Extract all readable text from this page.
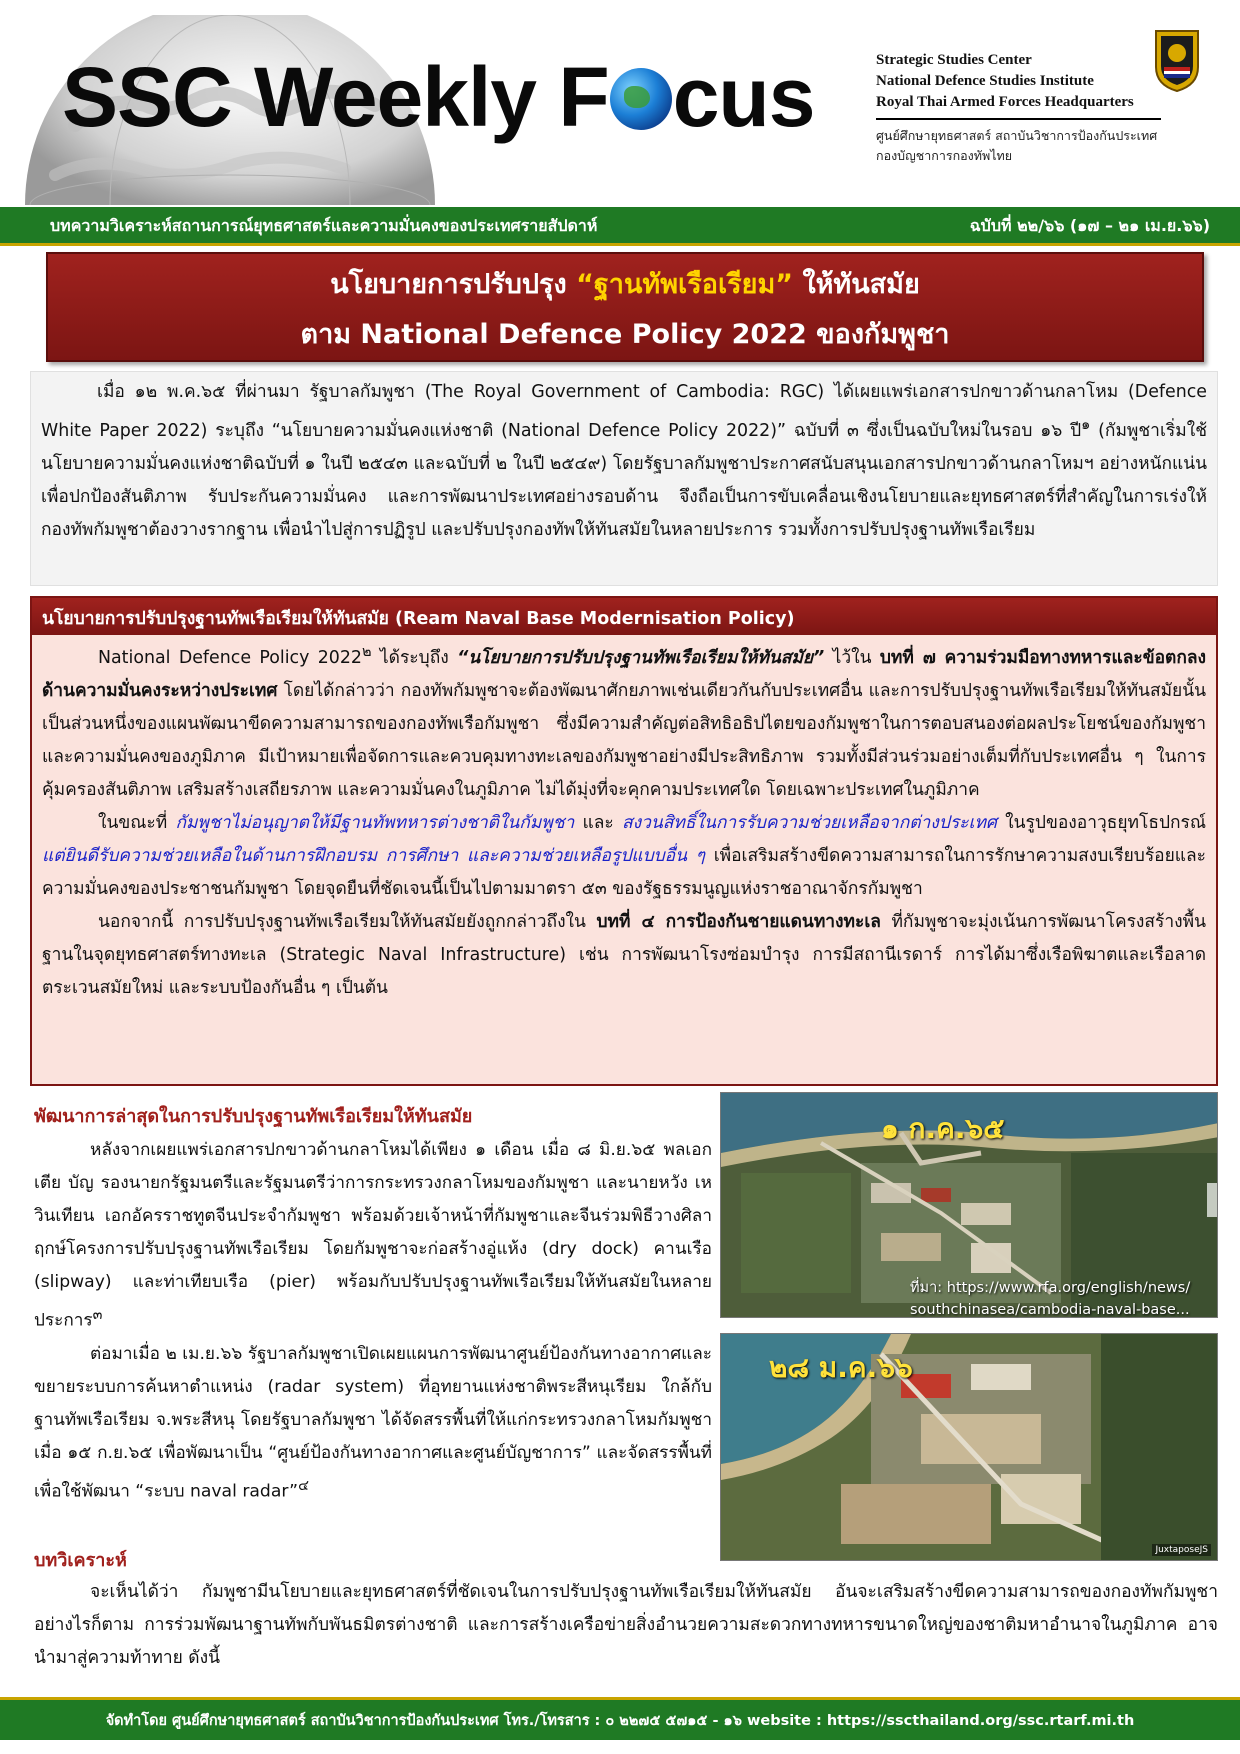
SSC Weekly F cus	Strategic Studies Center
National Defence Studies Institute
Royal Thai Armed Forces Headquarters
ศูนย์ศึกษายุทธศาสตร์ สถาบันวิชาการป้องกันประเทศ
กองบัญชาการกองทัพไทย
บทความวิเคราะห์สถานการณ์ยุทธศาสตร์และความมั่นคงของประเทศรายสัปดาห์	ฉบับที่ ๒๒/๖๖ (๑๗ – ๒๑ เม.ย.๖๖)
นโยบายการปรับปรุง “ฐานทัพเรือเรียม” ให้ทันสมัย
ตาม National Defence Policy 2022 ของกัมพูชา

เมื่อ ๑๒ พ.ค.๖๕ ที่ผ่านมา รัฐบาลกัมพูชา (The Royal Government of Cambodia: RGC) ได้เผยแพร่เอกสารปกขาวด้านกลาโหม (Defence White Paper 2022) ระบุถึง “นโยบายความมั่นคงแห่งชาติ (National Defence Policy 2022)” ฉบับที่ ๓ ซึ่งเป็นฉบับใหม่ในรอบ ๑๖ ปี$^๑$ (กัมพูชาเริ่มใช้นโยบายความมั่นคงแห่งชาติฉบับที่ ๑ ในปี ๒๕๔๓ และฉบับที่ ๒ ในปี ๒๕๔๙) โดยรัฐบาลกัมพูชาประกาศสนับสนุนเอกสารปกขาวด้านกลาโหมฯ อย่างหนักแน่น เพื่อปกป้องสันติภาพ รับประกันความมั่นคง และการพัฒนาประเทศอย่างรอบด้าน จึงถือเป็นการขับเคลื่อนเชิงนโยบายและยุทธศาสตร์ที่สำคัญในการเร่งให้กองทัพกัมพูชาต้องวางรากฐาน เพื่อนำไปสู่การปฏิรูป และปรับปรุงกองทัพให้ทันสมัยในหลายประการ รวมทั้งการปรับปรุงฐานทัพเรือเรียม

นโยบายการปรับปรุงฐานทัพเรือเรียมให้ทันสมัย (Ream Naval Base Modernisation Policy)

National Defence Policy 2022$^๒$ ได้ระบุถึง “นโยบายการปรับปรุงฐานทัพเรือเรียมให้ทันสมัย” ไว้ใน บทที่ ๗ ความร่วมมือทางทหารและข้อตกลงด้านความมั่นคงระหว่างประเทศ โดยได้กล่าวว่า กองทัพกัมพูชาจะต้องพัฒนาศักยภาพเช่นเดียวกันกับประเทศอื่น และการปรับปรุงฐานทัพเรือเรียมให้ทันสมัยนั้น เป็นส่วนหนึ่งของแผนพัฒนาขีดความสามารถของกองทัพเรือกัมพูชา ซึ่งมีความสำคัญต่อสิทธิอธิปไตยของกัมพูชาในการตอบสนองต่อผลประโยชน์ของกัมพูชาและความมั่นคงของภูมิภาค มีเป้าหมายเพื่อจัดการและควบคุมทางทะเลของกัมพูชาอย่างมีประสิทธิภาพ รวมทั้งมีส่วนร่วมอย่างเต็มที่กับประเทศอื่น ๆ ในการคุ้มครองสันติภาพ เสริมสร้างเสถียรภาพ และความมั่นคงในภูมิภาค ไม่ได้มุ่งที่จะคุกคามประเทศใด โดยเฉพาะประเทศในภูมิภาค

ในขณะที่ กัมพูชาไม่อนุญาตให้มีฐานทัพทหารต่างชาติในกัมพูชา และ สงวนสิทธิ์ในการรับความช่วยเหลือจากต่างประเทศ ในรูปของอาวุธยุทโธปกรณ์ แต่ยินดีรับความช่วยเหลือในด้านการฝึกอบรม การศึกษา และความช่วยเหลือรูปแบบอื่น ๆ เพื่อเสริมสร้างขีดความสามารถในการรักษาความสงบเรียบร้อยและความมั่นคงของประชาชนกัมพูชา โดยจุดยืนที่ชัดเจนนี้เป็นไปตามมาตรา ๕๓ ของรัฐธรรมนูญแห่งราชอาณาจักรกัมพูชา

นอกจากนี้ การปรับปรุงฐานทัพเรือเรียมให้ทันสมัยยังถูกกล่าวถึงใน บทที่ ๔ การป้องกันชายแดนทางทะเล ที่กัมพูชาจะมุ่งเน้นการพัฒนาโครงสร้างพื้นฐานในจุดยุทธศาสตร์ทางทะเล (Strategic Naval Infrastructure) เช่น การพัฒนาโรงซ่อมบำรุง การมีสถานีเรดาร์ การได้มาซึ่งเรือพิฆาตและเรือลาดตระเวนสมัยใหม่ และระบบป้องกันอื่น ๆ เป็นต้น

พัฒนาการล่าสุดในการปรับปรุงฐานทัพเรือเรียมให้ทันสมัย

หลังจากเผยแพร่เอกสารปกขาวด้านกลาโหมได้เพียง ๑ เดือน เมื่อ ๘ มิ.ย.๖๕ พลเอก เตีย บัญ รองนายกรัฐมนตรีและรัฐมนตรีว่าการกระทรวงกลาโหมของกัมพูชา และนายหวัง เหวินเทียน เอกอัครราชทูตจีนประจำกัมพูชา พร้อมด้วยเจ้าหน้าที่กัมพูชาและจีนร่วมพิธีวางศิลาฤกษ์โครงการปรับปรุงฐานทัพเรือเรียม โดยกัมพูชาจะก่อสร้างอู่แห้ง (dry dock) คานเรือ (slipway) และท่าเทียบเรือ (pier) พร้อมกับปรับปรุงฐานทัพเรือเรียมให้ทันสมัยในหลายประการ$^๓$

ต่อมาเมื่อ ๒ เม.ย.๖๖ รัฐบาลกัมพูชาเปิดเผยแผนการพัฒนาศูนย์ป้องกันทางอากาศและขยายระบบการค้นหาตำแหน่ง (radar system) ที่อุทยานแห่งชาติพระสีหนุเรียม ใกล้กับฐานทัพเรือเรียม จ.พระสีหนุ โดยรัฐบาลกัมพูชา ได้จัดสรรพื้นที่ให้แก่กระทรวงกลาโหมกัมพูชา เมื่อ ๑๕ ก.ย.๖๕ เพื่อพัฒนาเป็น “ศูนย์ป้องกันทางอากาศและศูนย์บัญชาการ” และจัดสรรพื้นที่เพื่อใช้พัฒนา “ระบบ naval radar”$^๔$

๑ ก.ค.๖๕
ที่มา: https://www.rfa.org/english/news/
southchinasea/cambodia-naval-base...
๒๘ ม.ค.๖๖
JuxtaposeJS
บทวิเคราะห์

จะเห็นได้ว่า กัมพูชามีนโยบายและยุทธศาสตร์ที่ชัดเจนในการปรับปรุงฐานทัพเรือเรียมให้ทันสมัย อันจะเสริมสร้างขีดความสามารถของกองทัพกัมพูชา อย่างไรก็ตาม การร่วมพัฒนาฐานทัพกับพันธมิตรต่างชาติ และการสร้างเครือข่ายสิ่งอำนวยความสะดวกทางทหารขนาดใหญ่ของชาติมหาอำนาจในภูมิภาค อาจนำมาสู่ความท้าทาย ดังนี้

จัดทำโดย ศูนย์ศึกษายุทธศาสตร์ สถาบันวิชาการป้องกันประเทศ โทร./โทรสาร : ๐ ๒๒๗๕ ๕๗๑๕ - ๑๖ website : https://sscthailand.org/ssc.rtarf.mi.th
